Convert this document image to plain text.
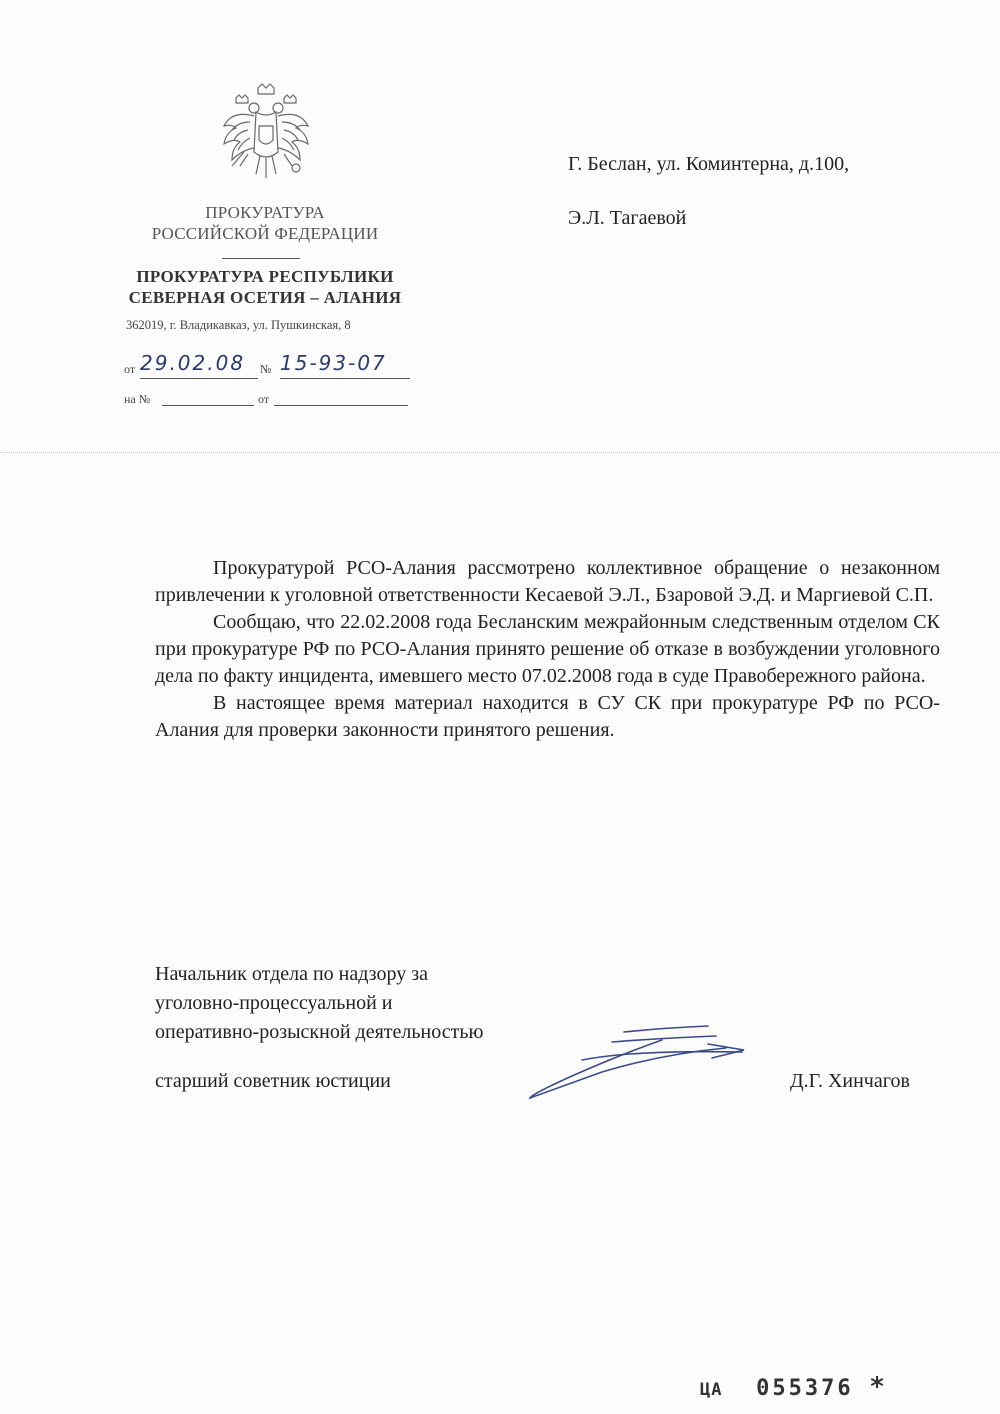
ПРОКУРАТУРА
РОССИЙСКОЙ ФЕДЕРАЦИИ
ПРОКУРАТУРА РЕСПУБЛИКИ
СЕВЕРНАЯ ОСЕТИЯ – АЛАНИЯ
362019, г. Владикавказ, ул. Пушкинская, 8
от 29.02.08	№ 15-93-07
на №	от
Г. Беслан, ул. Коминтерна, д.100,
Э.Л. Тагаевой

Прокуратурой РСО-Алания рассмотрено коллективное обращение о незаконном привлечении к уголовной ответственности Кесаевой Э.Л., Бзаровой Э.Д. и Маргиевой С.П.

Сообщаю, что 22.02.2008 года Бесланским межрайонным следственным отделом СК при прокуратуре РФ по РСО-Алания принято решение об отказе в возбуждении уголовного дела по факту инцидента, имевшего место 07.02.2008 года в суде Правобережного района.

В настоящее время материал находится в СУ СК при прокуратуре РФ по РСО-Алания для проверки законности принятого решения.

Начальник отдела по надзору за
уголовно-процессуальной и
оперативно-розыскной деятельностью
старший советник юстиции	Д.Г. Хинчагов
ЦА 055376 *
